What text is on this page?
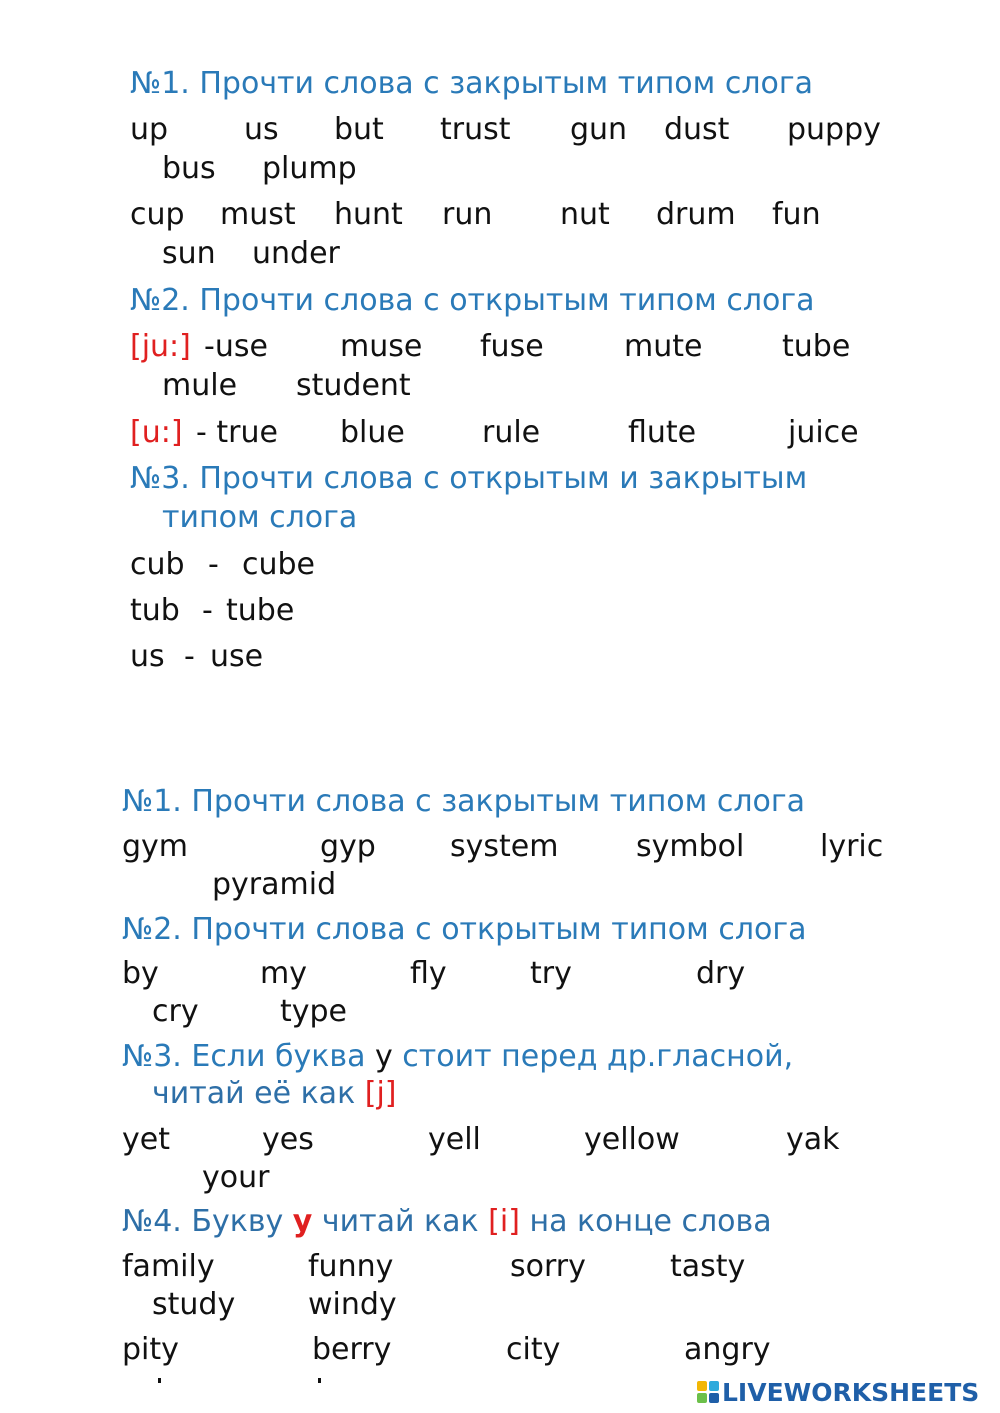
№1. Прочти слова с закрытым типом слога
up	us but trust gun dust puppy
bus plump
cup must hunt run nut drum fun
sun under
№2. Прочти слова с открытым типом слога
[ju:] -use muse fuse	mute	tube
mule student
[u:] - true blue	rule	flute	juice
№3. Прочти слова с открытым и закрытым
типом слога
cub - cube
tub - tube
us - use
№1. Прочти слова с закрытым типом слога
gym	gyp system	symbol	lyric
pyramid
№2. Прочти слова с открытым типом слога
by	my	fly	try	dry
cry	type
№3. Если буква y стоит перед др.гласной,
читай её как [j]
yet	yes	yell	yellow	yak
your
№4. Букву у читай как [i] на конце слова
family	funny	sorry	tasty
study windy
pity	berry	city	angry
LIVEWORKSHEETS
